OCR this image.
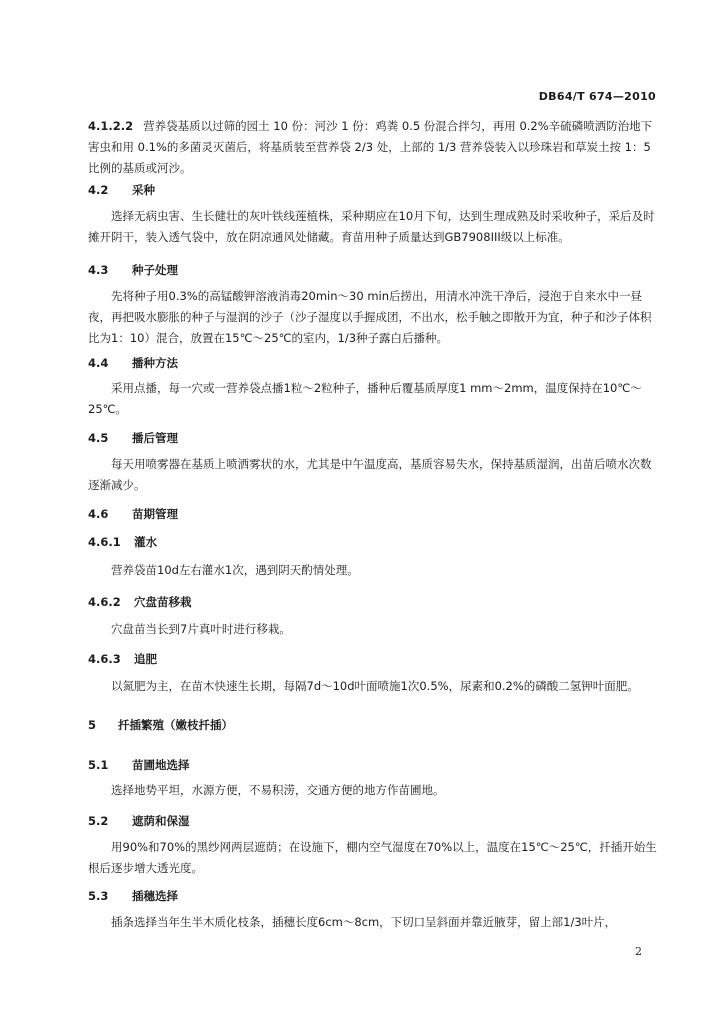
DB64/T 674—2010

4.1.2.2 营养袋基质以过筛的园土 10 份：河沙 1 份：鸡粪 0.5 份混合拌匀，再用 0.2%辛硫磷喷洒防治地下害虫和用 0.1%的多菌灵灭菌后，将基质装至营养袋 2/3 处，上部的 1/3 营养袋装入以珍珠岩和草炭土按 1：5 比例的基质或河沙。

4.2 采种

选择无病虫害、生长健壮的灰叶铁线莲植株，采种期应在10月下旬，达到生理成熟及时采收种子，采后及时摊开阴干，装入透气袋中，放在阴凉通风处储藏。育苗用种子质量达到GB7908III级以上标准。

4.3 种子处理

先将种子用0.3%的高锰酸钾溶液消毒20min～30 min后捞出，用清水冲洗干净后，浸泡于自来水中一昼夜，再把吸水膨胀的种子与湿润的沙子（沙子湿度以手握成团，不出水，松手触之即散开为宜，种子和沙子体积比为1：10）混合，放置在15℃～25℃的室内，1/3种子露白后播种。

4.4 播种方法

采用点播，每一穴或一营养袋点播1粒～2粒种子，播种后覆基质厚度1 mm～2mm，温度保持在10℃～25℃。

4.5 播后管理

每天用喷雾器在基质上喷洒雾状的水，尤其是中午温度高，基质容易失水，保持基质湿润，出苗后喷水次数逐渐减少。

4.6 苗期管理
4.6.1 灌水

营养袋苗10d左右灌水1次，遇到阴天酌情处理。

4.6.2 穴盘苗移栽

穴盘苗当长到7片真叶时进行移栽。

4.6.3 追肥

以氮肥为主，在苗木快速生长期，每隔7d～10d叶面喷施1次0.5%，尿素和0.2%的磷酸二氢钾叶面肥。

5 扦插繁殖（嫩枝扦插）
5.1 苗圃地选择

选择地势平坦，水源方便，不易积涝，交通方便的地方作苗圃地。

5.2 遮荫和保湿

用90%和70%的黑纱网两层遮荫；在设施下，棚内空气湿度在70%以上，温度在15℃～25℃，扦插开始生根后逐步增大透光度。

5.3 插穗选择

插条选择当年生半木质化枝条，插穗长度6cm～8cm，下切口呈斜面并靠近腋芽，留上部1/3叶片，

2
